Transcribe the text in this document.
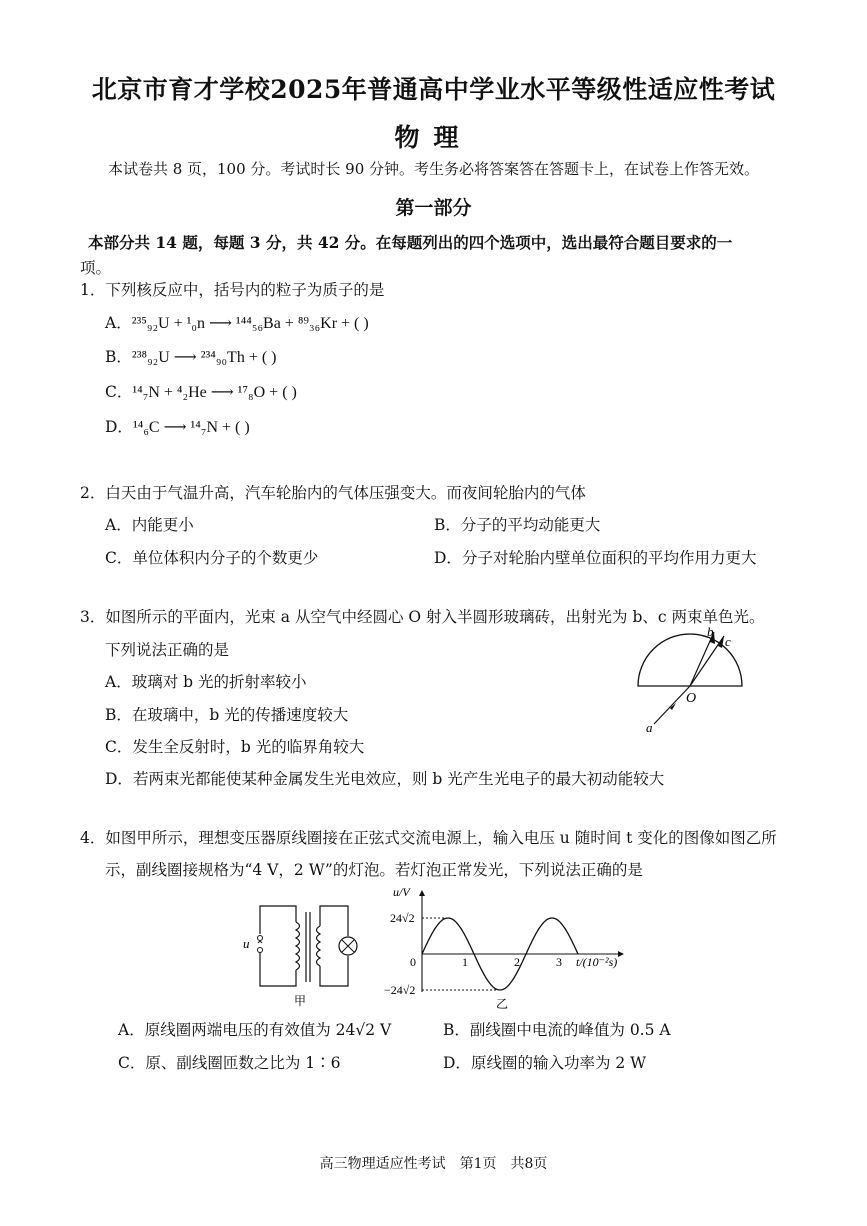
北京市育才学校2025年普通高中学业水平等级性适应性考试
物理
本试卷共 8 页，100 分。考试时长 90 分钟。考生务必将答案答在答题卡上，在试卷上作答无效。
第一部分
本部分共 14 题，每题 3 分，共 42 分。在每题列出的四个选项中，选出最符合题目要求的一
项。
1．下列核反应中，括号内的粒子为质子的是
A．²³⁵₉₂U + ¹₀n ⟶ ¹⁴⁴₅₆Ba + ⁸⁹₃₆Kr + ( )
B．²³⁸₉₂U ⟶ ²³⁴₉₀Th + ( )
C．¹⁴₇N + ⁴₂He ⟶ ¹⁷₈O + ( )
D．¹⁴₆C ⟶ ¹⁴₇N + ( )
2．白天由于气温升高，汽车轮胎内的气体压强变大。而夜间轮胎内的气体
A．内能更小	B．分子的平均动能更大
C．单位体积内分子的个数更少	D．分子对轮胎内壁单位面积的平均作用力更大
3．如图所示的平面内，光束 a 从空气中经圆心 O 射入半圆形玻璃砖，出射光为 b、c 两束单色光。
下列说法正确的是
A．玻璃对 b 光的折射率较小
B．在玻璃中，b 光的传播速度较大
C．发生全反射时，b 光的临界角较大
D．若两束光都能使某种金属发生光电效应，则 b 光产生光电子的最大初动能较大
a
b
c
O
4．如图甲所示，理想变压器原线圈接在正弦式交流电源上，输入电压 u 随时间 t 变化的图像如图乙所
示，副线圈接规格为“4 V，2 W”的灯泡。若灯泡正常发光，下列说法正确的是
u
甲
u/V
24√2
−24√2
0	1	2	3 t/(10⁻²s)
乙
A．原线圈两端电压的有效值为 24√2 V	B．副线圈中电流的峰值为 0.5 A
C．原、副线圈匝数之比为 1∶6	D．原线圈的输入功率为 2 W
高三物理适应性考试　第1页　共8页
